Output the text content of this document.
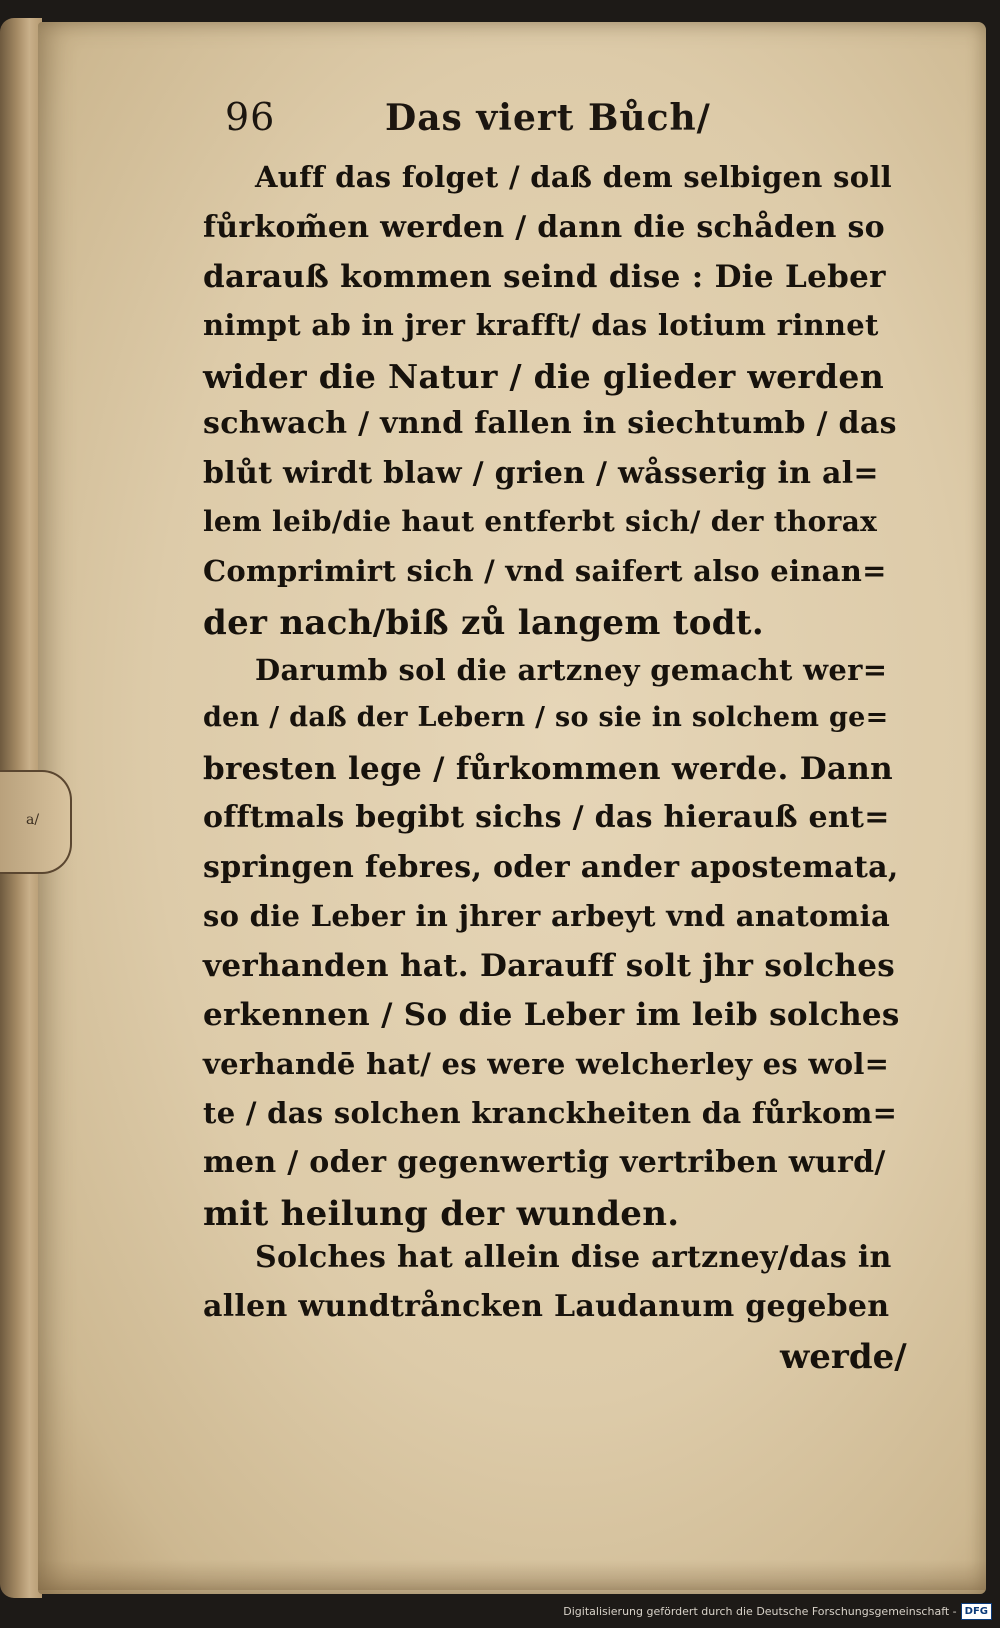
a/
96	Das viert Bůch/
Auff das folget / daß dem selbigen soll
fůrkom̃en werden / dann die schåden so
darauß kommen seind dise : Die Leber
nimpt ab in jrer krafft/ das lotium rinnet
wider die Natur / die glieder werden
schwach / vnnd fallen in siechtumb / das
blůt wirdt blaw / grien / wåsserig in al=
lem leib/die haut entferbt sich/ der thorax
Comprimirt sich / vnd saifert also einan=
der nach/biß zů langem todt.
Darumb sol die artzney gemacht wer=
den / daß der Lebern / so sie in solchem ge=
bresten lege / fůrkommen werde. Dann
offtmals begibt sichs / das hierauß ent=
springen febres, oder ander apostemata,
so die Leber in jhrer arbeyt vnd anatomia
verhanden hat. Darauff solt jhr solches
erkennen / So die Leber im leib solches
verhandē hat/ es were welcherley es wol=
te / das solchen kranckheiten da fůrkom=
men / oder gegenwertig vertriben wurd/
mit heilung der wunden.
Solches hat allein dise artzney/das in
allen wundtråncken Laudanum gegeben
werde/
Digitalisierung gefördert durch die Deutsche Forschungsgemeinschaft - DFG
